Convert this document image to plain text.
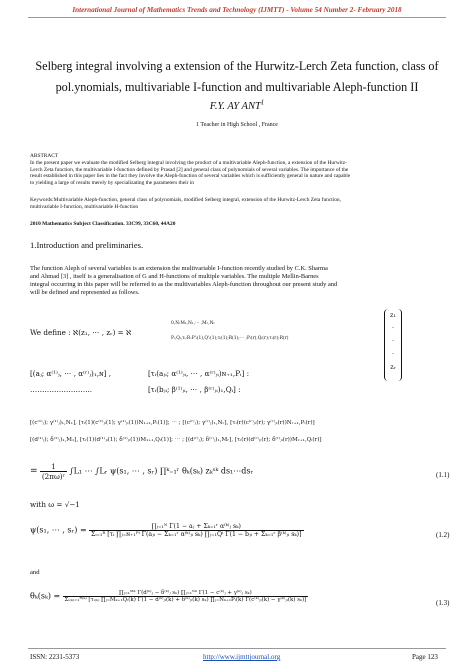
International Journal of Mathematics Trends and Technology (IJMTT) - Volume 54 Number 2- February 2018
Selberg integral involving a extension of the Hurwitz-Lerch Zeta function, class of
pol.ynomials, multivariable I-function and multivariable Aleph-function II
F.Y. AY ANT$^1$
1 Teacher in High School , France
ABSTRACT
In the present paper we evaluate the modified Selberg integral involving the product of a multivariable Aleph-function, a extension of the Hurwitz-
Lerch Zeta function, the multivariable I-function defined by Prasad [2] and general class of polynomials of several variables. The importance of the
result established in this paper lies in the fact they involve the Aleph-function of several variables which is sufficiently general in nature and capable
to yielding a large of results merely by specializating the parameters their in
Keywords:Multivariable Aleph-function, general class of polynomials, modified Selberg integral, extension of the Hurwitz-Lerch Zeta function,
multivariable I-function, multivariable H-function
2010 Mathematics Subject Classification. 33C99, 33C60, 44A20
1.Introduction and preliminaries.
The function Aleph of several variables is an extension the multivariable I-function recently studied by C.K. Sharma
and Ahmad [3] , itself is a generalisation of G and H-functions of multiple variables. The multiple Mellin-Barnes
integral occurring in this paper will be referred to as the multivariables Aleph-function throughout our present study and
will be defined and represented as follows.
We define : ℵ(z₁, ⋯ , zᵣ) = ℵ
0,N:M₁,N₁,⋯ ,Mᵣ,Nᵣ
Pᵢ,Qᵢ,τᵢ;R:P'ᵢ(1),Q'ᵢ(1);τᵢ(1);R(1);⋯ ;Pᵢ(r),Qᵢ(r);τᵢ(r);R(r)
z₁
·
·
·
zᵣ
[(aⱼ; α⁽¹⁾ⱼ, ⋯ , α⁽ʳ⁾ⱼ)₁,ɴ] ,	[τᵢ(aⱼᵢ; α⁽¹⁾ⱼᵢ, ⋯ , α⁽ʳ⁾ⱼᵢ)ɴ₊₁,Pᵢ] :
……………………..	[τᵢ(bⱼᵢ; β⁽¹⁾ⱼᵢ, ⋯ , β⁽ʳ⁾ⱼᵢ)₁,Qᵢ] :
[(c⁽¹⁾ⱼ); γ⁽¹⁾ⱼ)₁,N₁], [τᵢ(1)(c⁽¹⁾ⱼᵢ(1); γ⁽¹⁾ⱼᵢ(1))N₁₊₁,Pᵢ(1)]; ⋯ ; [(c⁽ʳ⁾ⱼ); γ⁽ʳ⁾ⱼ)₁,Nᵣ], [τᵢ(r)(c⁽ʳ⁾ⱼᵢ(r); γ⁽ʳ⁾ⱼᵢ(r))Nᵣ₊₁,Pᵢ(r)]
[(d⁽¹⁾ⱼ); δ⁽¹⁾ⱼ)₁,M₁], [τᵢ(1)(d⁽¹⁾ⱼᵢ(1); δ⁽¹⁾ⱼᵢ(1))M₁₊₁,Qᵢ(1)]; ⋯ ; [(d⁽ʳ⁾ⱼ); δ⁽ʳ⁾ⱼ)₁,Mᵣ], [τᵢ(r)(d⁽ʳ⁾ⱼᵢ(r); δ⁽ʳ⁾ⱼᵢ(r))Mᵣ₊₁,Qᵢ(r)]
= $\frac{1}{\text{(2πω)ʳ}} \int L_1$ ⋯ ∫Lᵣ ψ(s₁, ⋯ , sᵣ) ∏ᵏ₌₁ʳ θₖ(sₖ) zₖˢᵏ ds₁⋯dsᵣ	(1.1)
with ω = √−1
ψ(s₁, ⋯ , sᵣ) =	∏ⱼ₌₁ᴺ Γ(1 − aⱼ + Σₖ₌₁ʳ α⁽ᵏ⁾ⱼ sₖ)
Σᵢ₌₁ᴿ [τᵢ ∏ⱼ₌ɴ₊₁ᴾⁱ Γ(aⱼᵢ − Σₖ₌₁ʳ α⁽ᵏ⁾ⱼᵢ sₖ) ∏ⱼ₌₁Qⁱ Γ(1 − bⱼᵢ + Σₖ₌₁ʳ β⁽ᵏ⁾ⱼᵢ sₖ)]	(1.2)
and
θₖ(sₖ) =	∏ⱼ₌₁ᴹᵏ Γ(d⁽ᵏ⁾ⱼ − δ⁽ᵏ⁾ⱼ sₖ) ∏ⱼ₌₁ᴺᵏ Γ(1 − c⁽ᵏ⁾ⱼ + γ⁽ᵏ⁾ⱼ sₖ)
Σᵢ₍ₖ₎₌₁ᴿ⁽ᵏ⁾ [τᵢ₍ₖ₎ ∏ⱼ₌Mₖ₊₁Qᵢ(k) Γ(1 − d⁽ᵏ⁾ⱼᵢ(k) + δ⁽ᵏ⁾ⱼᵢ(k) sₖ) ∏ⱼ₌Nₖ₊₁Pᵢ(k) Γ(c⁽ᵏ⁾ⱼᵢ(k) − γ⁽ᵏ⁾ⱼᵢ(k) sₖ)]	(1.3)
ISSN: 2231-5373	http://www.ijmttjournal.org	Page 123
